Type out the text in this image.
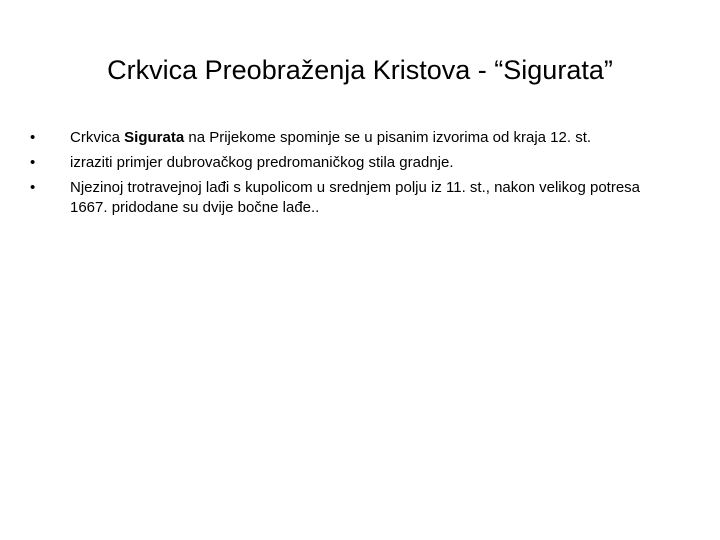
Crkvica Preobraženja Kristova - “Sigurata”
•	Crkvica Sigurata na Prijekome spominje se u pisanim izvorima od kraja 12. st.
•	izraziti primjer dubrovačkog predromaničkog stila gradnje.
•	Njezinoj trotravejnoj lađi s kupolicom u srednjem polju iz 11. st., nakon velikog potresa 1667. pridodane su dvije bočne lađe..
